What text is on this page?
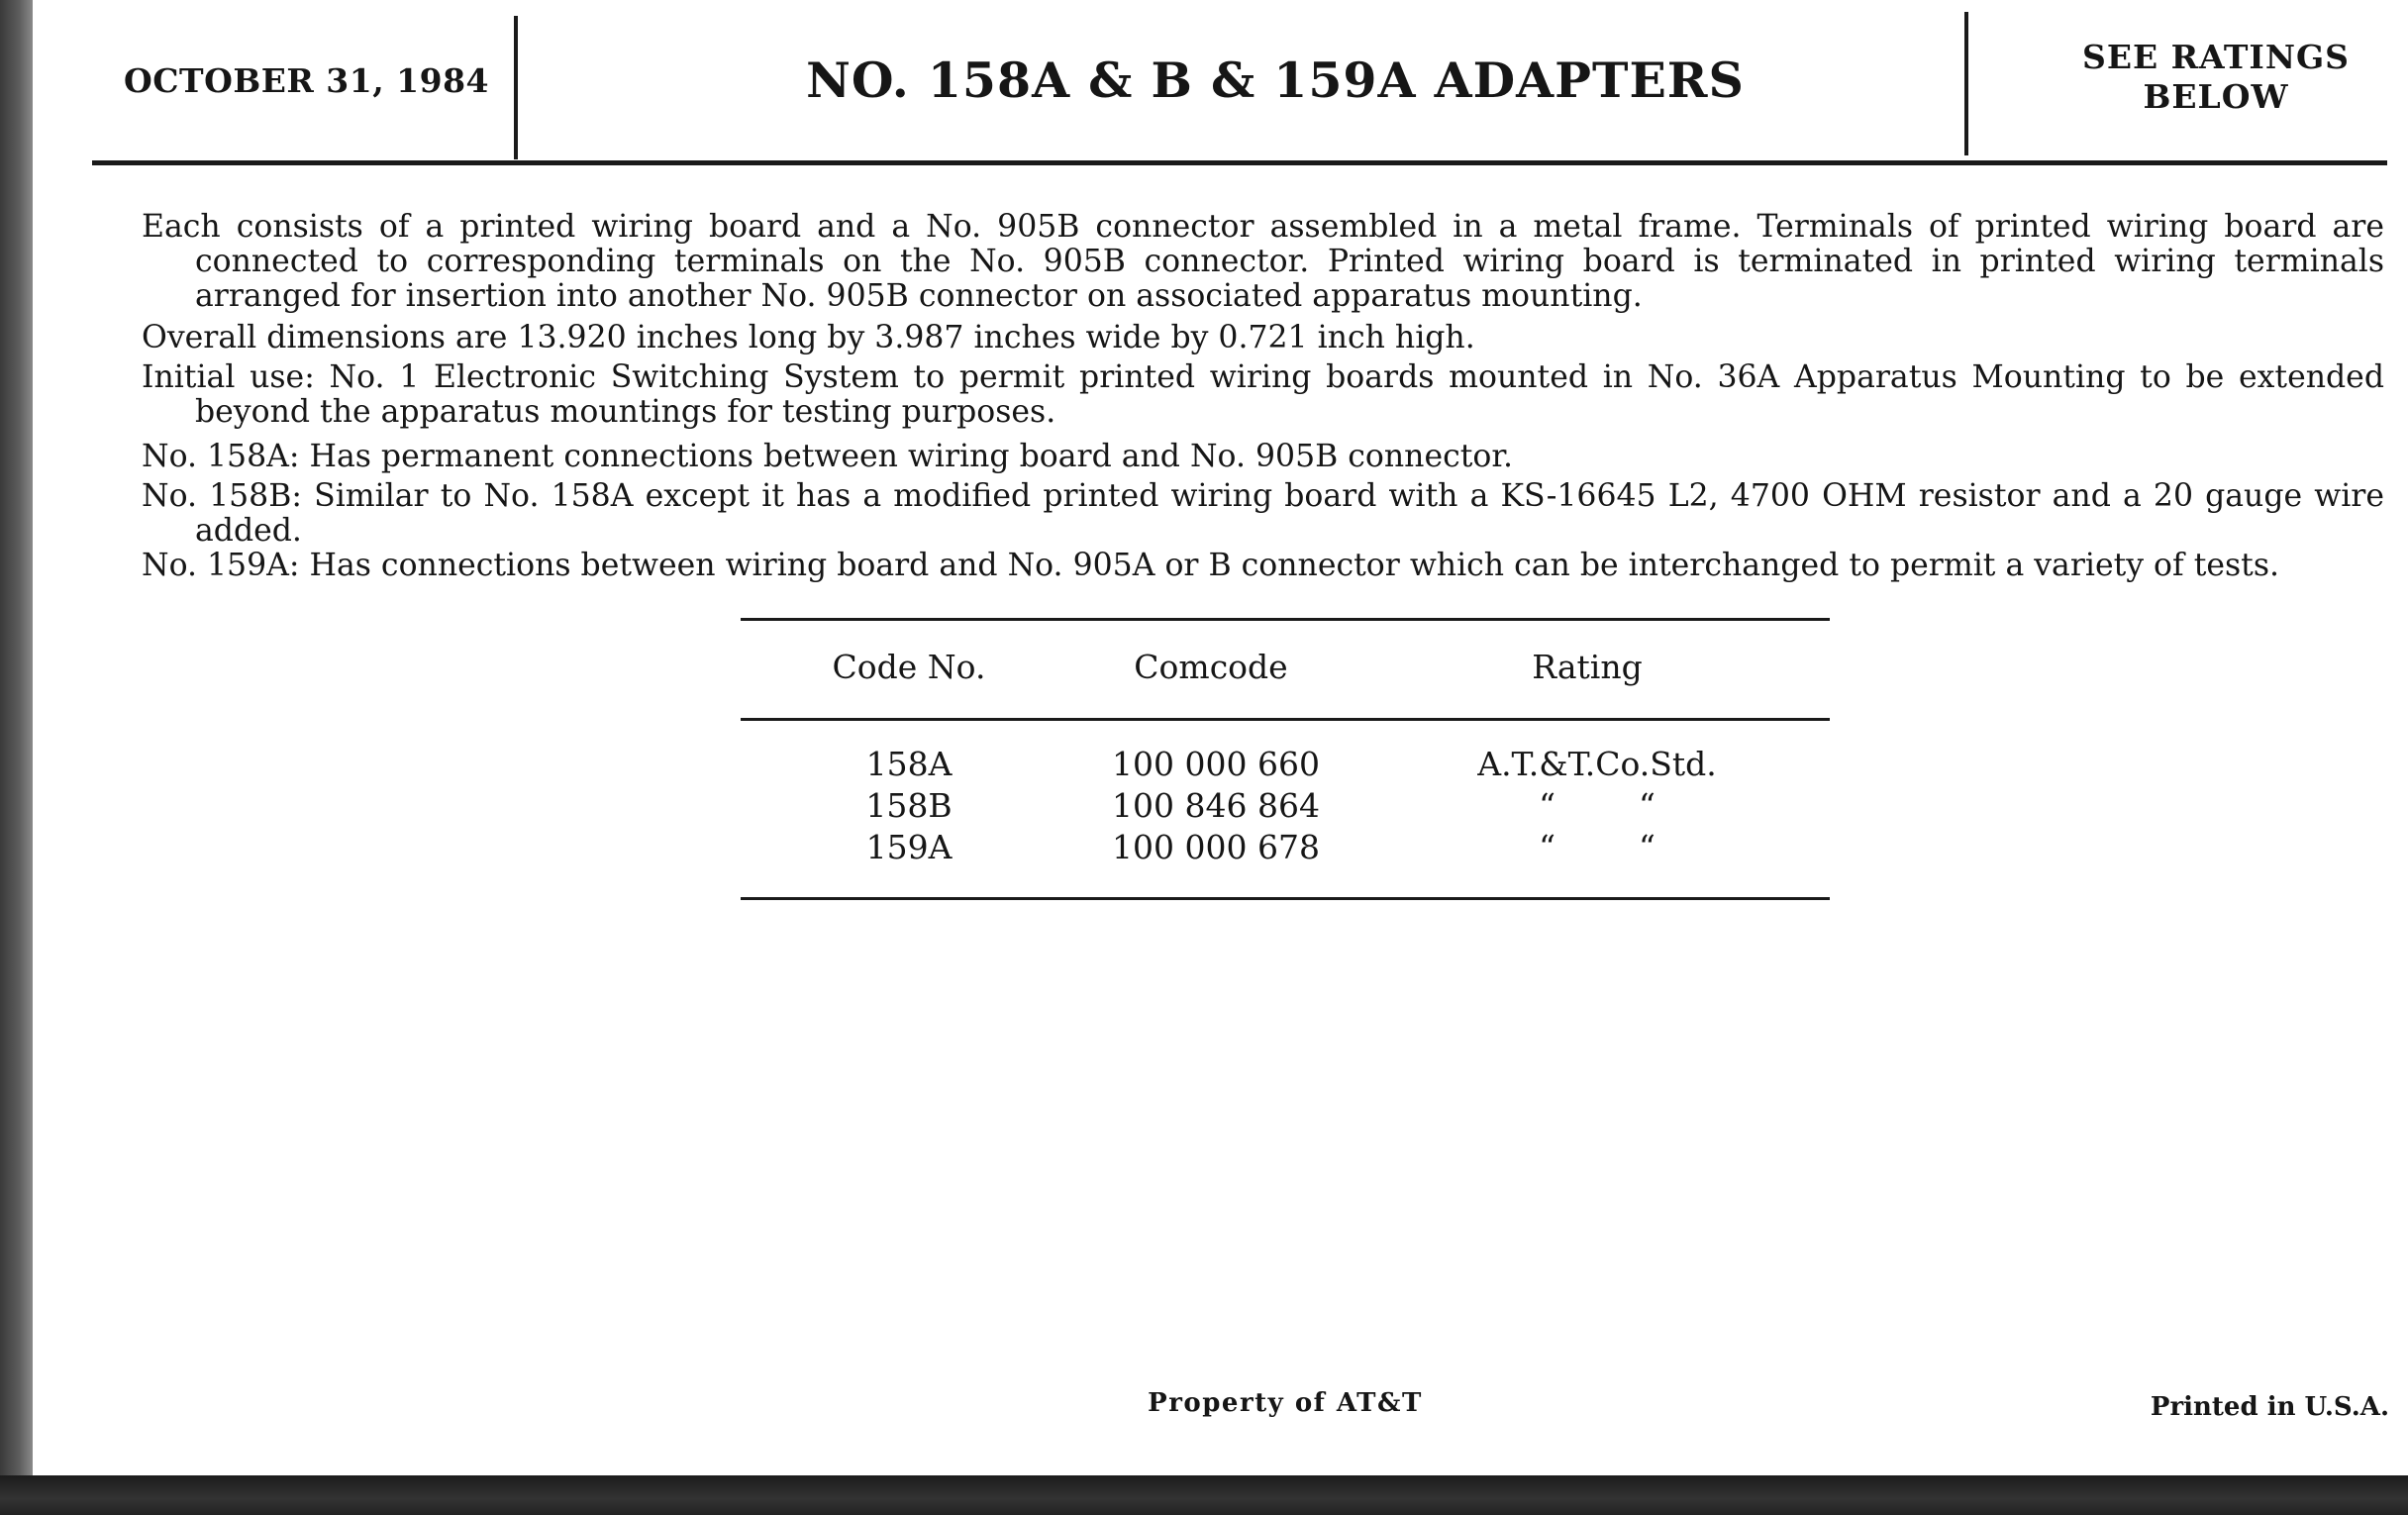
OCTOBER 31, 1984	NO. 158A & B & 159A ADAPTERS	SEE RATINGS
BELOW
Each consists of a printed wiring board and a No. 905B connector assembled in a metal frame. Terminals of printed wiring board are connected to corresponding terminals on the No. 905B connector. Printed wiring board is terminated in printed wiring terminals arranged for insertion into another No. 905B connector on associated apparatus mounting.
Overall dimensions are 13.920 inches long by 3.987 inches wide by 0.721 inch high.
Initial use: No. 1 Electronic Switching System to permit printed wiring boards mounted in No. 36A Apparatus Mounting to be extended beyond the apparatus mountings for testing purposes.
No. 158A: Has permanent connections between wiring board and No. 905B connector.
No. 158B: Similar to No. 158A except it has a modified printed wiring board with a KS-16645 L2, 4700 OHM resistor and a 20 gauge wire added.
No. 159A: Has connections between wiring board and No. 905A or B connector which can be interchanged to permit a variety of tests.
Code No.	Comcode	Rating
158A	100 000 660	A.T.&T.Co.Std.
158B	100 846 864	“        “
159A	100 000 678	“        “
Property of AT&T	Printed in U.S.A.
